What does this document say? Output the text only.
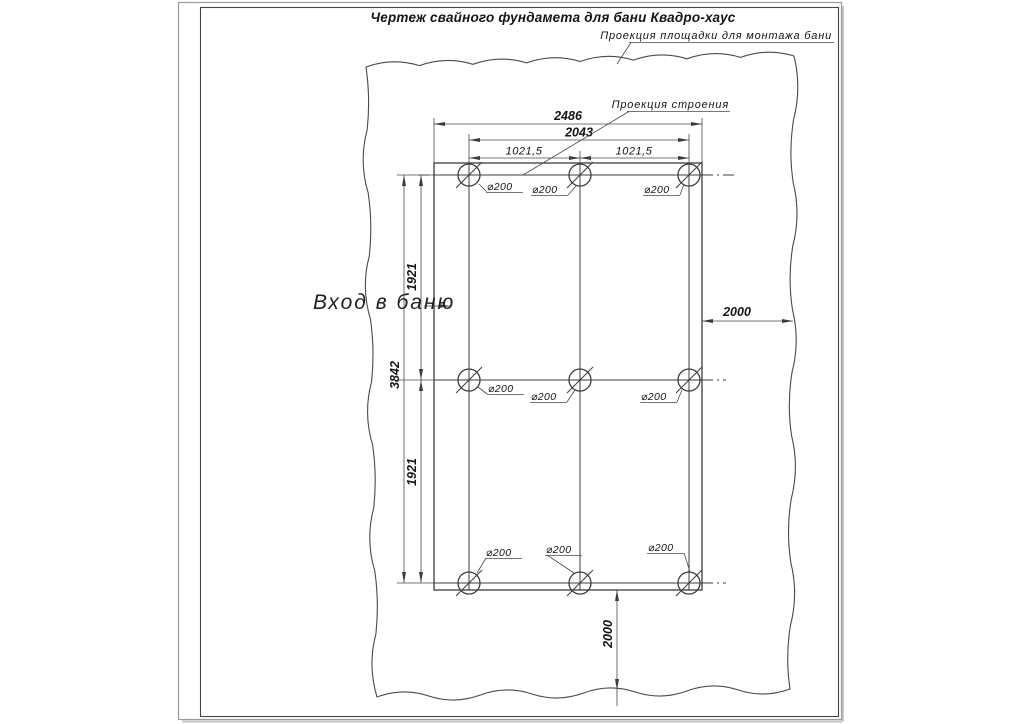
Чертеж свайного фундамета для бани Квадро-хаус
2486
2043
1021,5	1021,5
3842
1921
1921
2000
2000
Проекция площадки для монтажа бани
Проекция строения
Вход в баню
⌀200 ⌀200	⌀200
⌀200
⌀200	⌀200
⌀200	⌀200	⌀200
